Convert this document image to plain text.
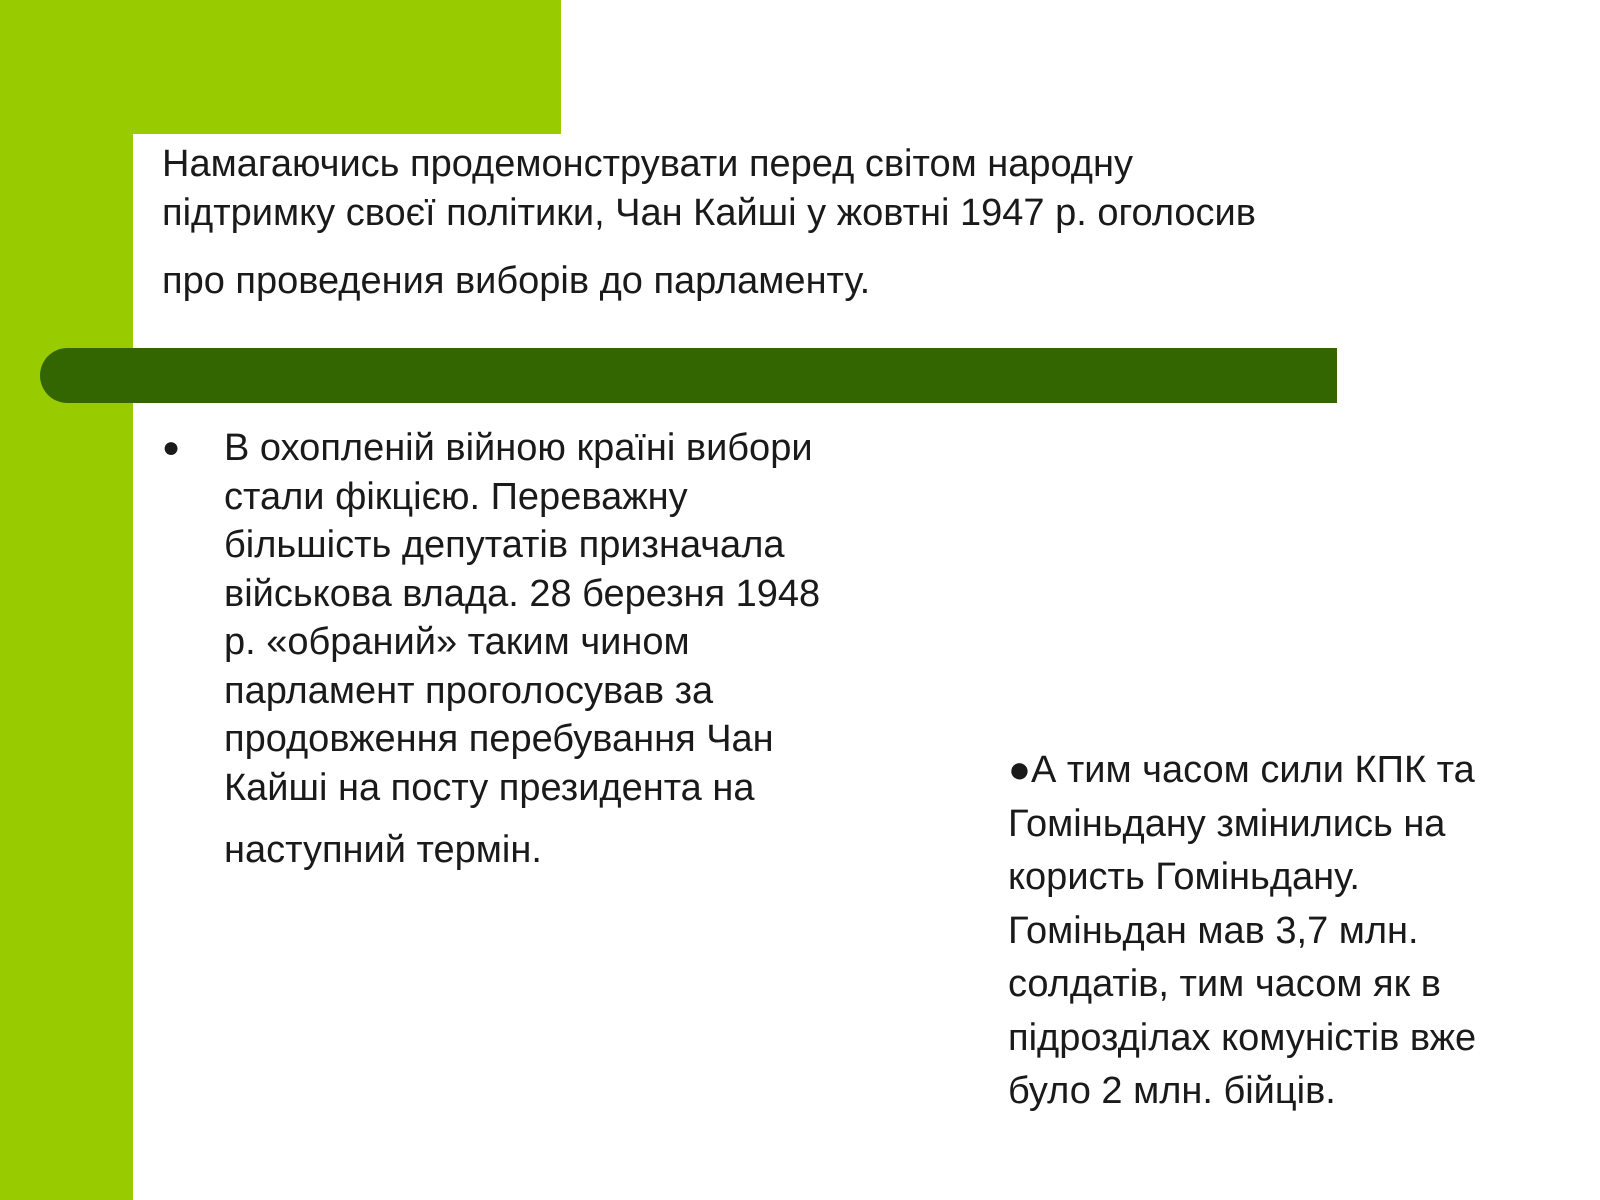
Намагаючись продемонструвати перед світом народну
підтримку своєї політики, Чан Кайші у жовтні 1947 р. оголосив
про проведения виборів до парламенту.

● В охопленій війною країні вибори
стали фікцією. Переважну
більшість депутатів призначала
військова влада. 28 березня 1948
р. «обраний» таким чином
парламент проголосував за
продовження перебування Чан
Кайші на посту президента на
наступний термін.

●А тим часом сили КПК та
Гоміньдану змінились на
користь Гоміньдану.
Гоміньдан мав 3,7 млн.
солдатів, тим часом як в
підрозділах комуністів вже
було 2 млн. бійців.
